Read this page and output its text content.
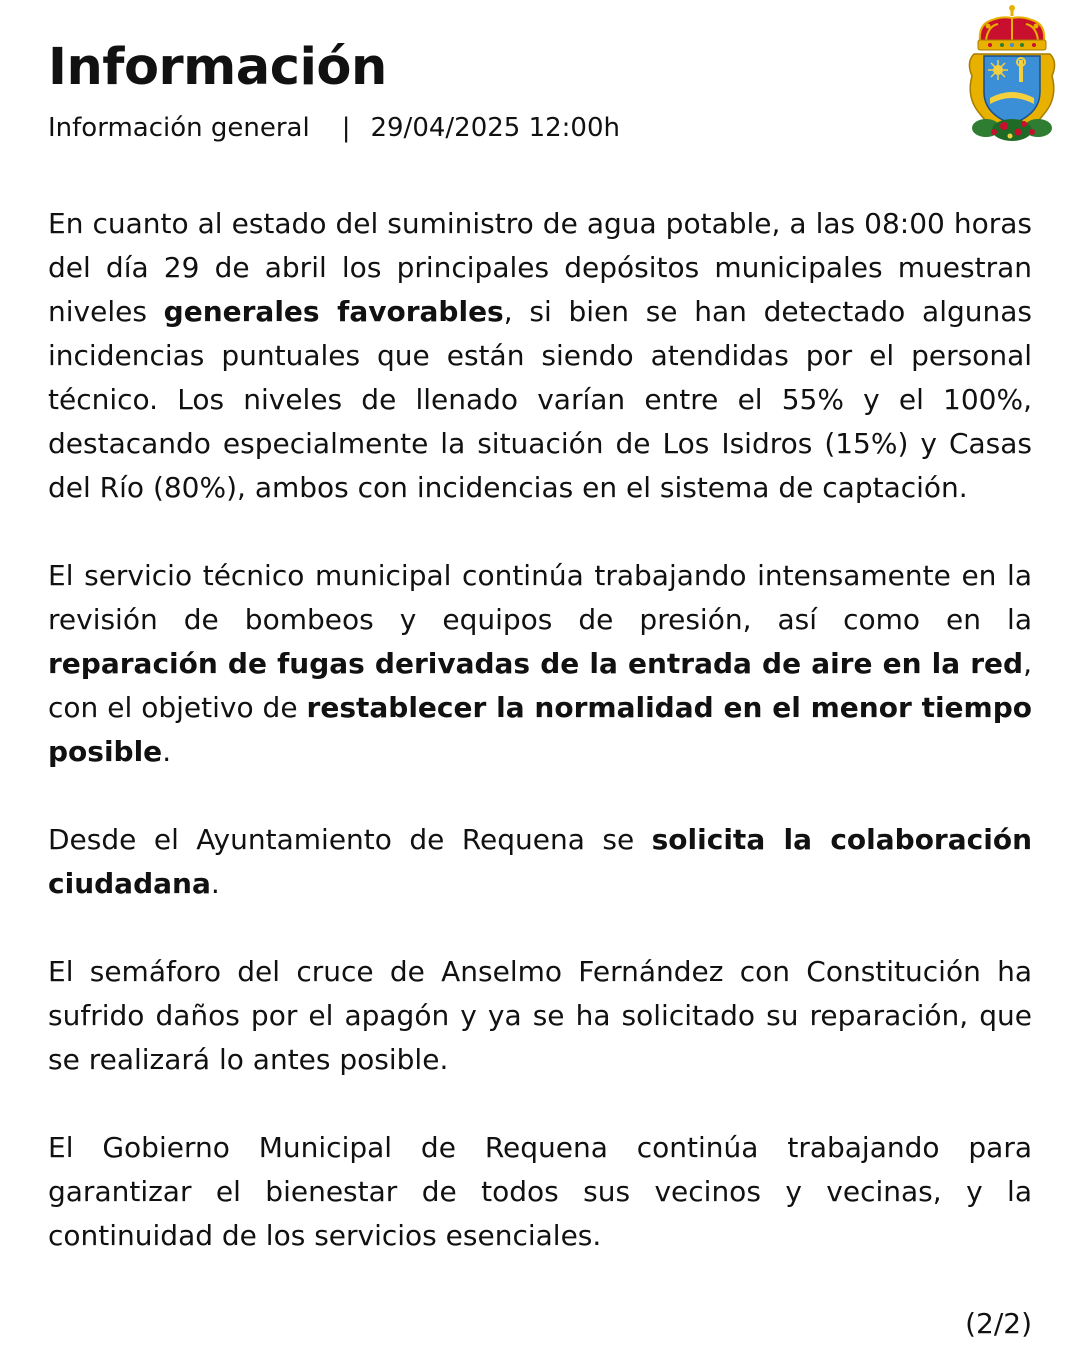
Información
Información general | 29/04/2025 12:00h

En cuanto al estado del suministro de agua potable, a las 08:00 horas del día 29 de abril los principales depósitos municipales muestran niveles generales favorables, si bien se han detectado algunas incidencias puntuales que están siendo atendidas por el personal técnico. Los niveles de llenado varían entre el 55% y el 100%, destacando especialmente la situación de Los Isidros (15%) y Casas del Río (80%), ambos con incidencias en el sistema de captación.

El servicio técnico municipal continúa trabajando intensamente en la revisión de bombeos y equipos de presión, así como en la reparación de fugas derivadas de la entrada de aire en la red, con el objetivo de restablecer la normalidad en el menor tiempo posible.

Desde el Ayuntamiento de Requena se solicita la colaboración ciudadana.

El semáforo del cruce de Anselmo Fernández con Constitución ha sufrido daños por el apagón y ya se ha solicitado su reparación, que se realizará lo antes posible.

El Gobierno Municipal de Requena continúa trabajando para garantizar el bienestar de todos sus vecinos y vecinas, y la continuidad de los servicios esenciales.

(2/2)
